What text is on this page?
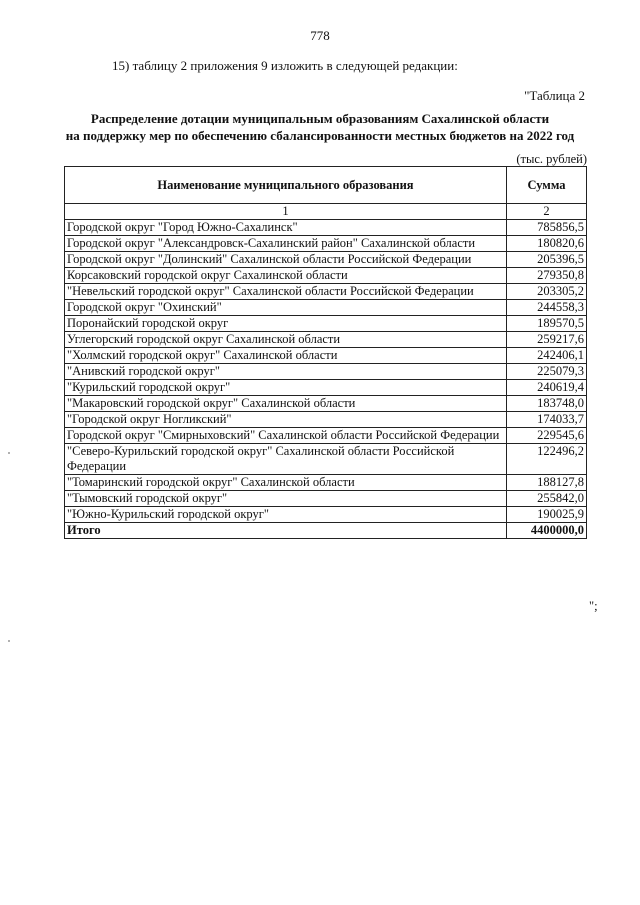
778
15) таблицу 2 приложения 9 изложить в следующей редакции:
"Таблица 2
Распределение дотации муниципальным образованиям Сахалинской области
на поддержку мер по обеспечению сбалансированности местных бюджетов на 2022 год
(тыс. рублей)
Наименование муниципального образования	Сумма
1	2
Городской округ "Город Южно-Сахалинск"	785856,5
Городской округ "Александровск-Сахалинский район" Сахалинской области	180820,6
Городской округ "Долинский" Сахалинской области Российской Федерации	205396,5
Корсаковский городской округ Сахалинской области	279350,8
"Невельский городской округ" Сахалинской области Российской Федерации	203305,2
Городской округ "Охинский"	244558,3
Поронайский городской округ	189570,5
Углегорский городской округ Сахалинской области	259217,6
"Холмский городской округ" Сахалинской области	242406,1
"Анивский городской округ"	225079,3
"Курильский городской округ"	240619,4
"Макаровский городской округ" Сахалинской области	183748,0
"Городской округ Ногликский"	174033,7
Городской округ "Смирныховский" Сахалинской области Российской Федерации	229545,6
"Северо-Курильский городской округ" Сахалинской области Российской Федерации	122496,2
"Томаринский городской округ" Сахалинской области	188127,8
"Тымовский городской округ"	255842,0
"Южно-Курильский городской округ"	190025,9
Итого	4400000,0
";
